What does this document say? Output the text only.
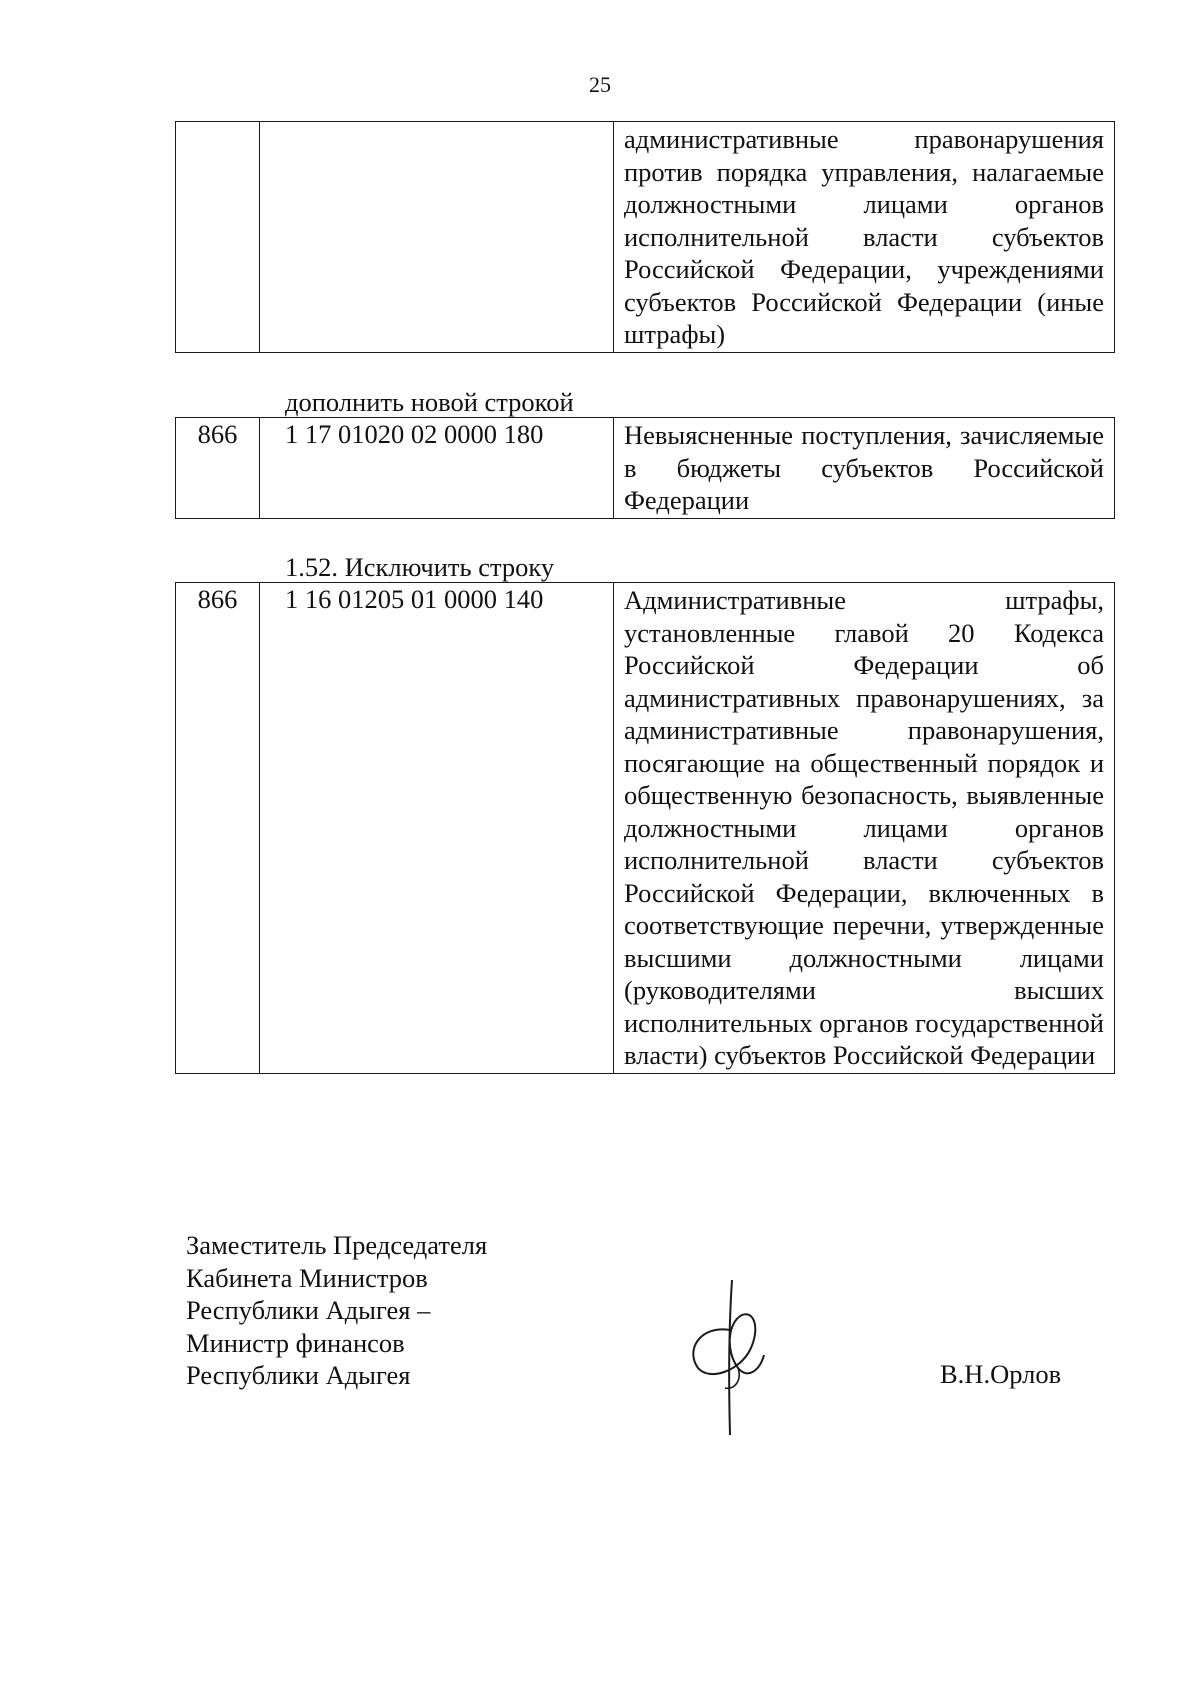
25
		административные правонарушения против порядка управления, налагаемые должностными лицами органов исполнительной власти субъектов Российской Федерации, учреждениями субъектов Российской Федерации (иные штрафы)
дополнить новой строкой
866	1 17 01020 02 0000 180	Невыясненные поступления, зачисляемые в бюджеты субъектов Российской Федерации
1.52. Исключить строку
866	1 16 01205 01 0000 140	Административные штрафы, установленные главой 20 Кодекса Российской Федерации об административных правонарушениях, за административные правонарушения, посягающие на общественный порядок и общественную безопасность, выявленные должностными лицами органов исполнительной власти субъектов Российской Федерации, включенных в соответствующие перечни, утвержденные высшими должностными лицами (руководителями высших исполнительных органов государственной власти) субъектов Российской Федерации
Заместитель Председателя
Кабинета Министров
Республики Адыгея –
Министр финансов
Республики Адыгея	В.Н.Орлов
